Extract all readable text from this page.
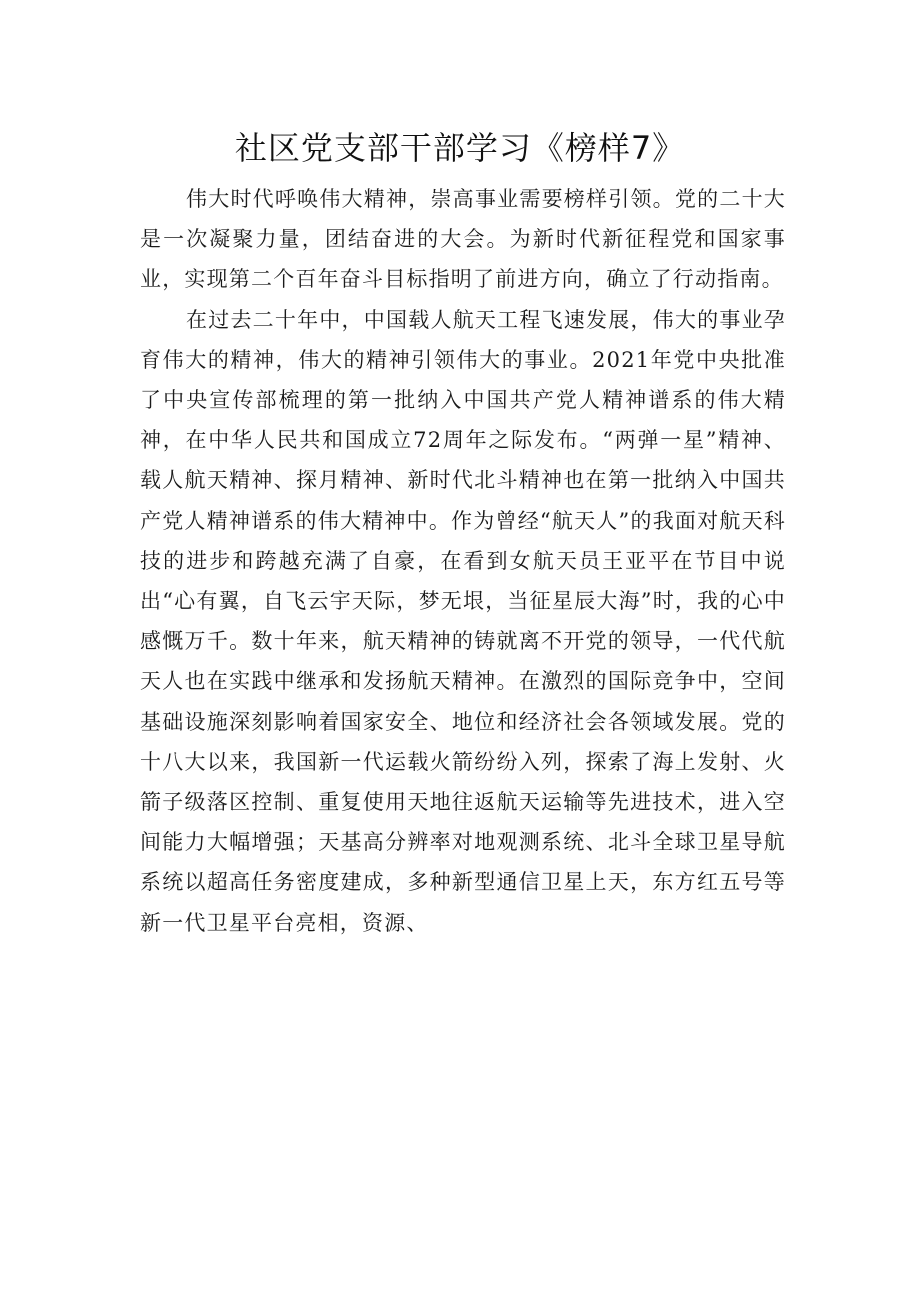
社区党支部干部学习《榜样7》

伟大时代呼唤伟大精神，崇高事业需要榜样引领。党的二十大是一次凝聚力量，团结奋进的大会。为新时代新征程党和国家事业，实现第二个百年奋斗目标指明了前进方向，确立了行动指南。

在过去二十年中，中国载人航天工程飞速发展，伟大的事业孕育伟大的精神，伟大的精神引领伟大的事业。2021年党中央批准了中央宣传部梳理的第一批纳入中国共产党人精神谱系的伟大精神，在中华人民共和国成立72周年之际发布。“两弹一星”精神、载人航天精神、探月精神、新时代北斗精神也在第一批纳入中国共产党人精神谱系的伟大精神中。作为曾经“航天人”的我面对航天科技的进步和跨越充满了自豪，在看到女航天员王亚平在节目中说出“心有翼，自飞云宇天际，梦无垠，当征星辰大海”时，我的心中感慨万千。数十年来，航天精神的铸就离不开党的领导，一代代航天人也在实践中继承和发扬航天精神。在激烈的国际竞争中，空间基础设施深刻影响着国家安全、地位和经济社会各领域发展。党的十八大以来，我国新一代运载火箭纷纷入列，探索了海上发射、火箭子级落区控制、重复使用天地往返航天运输等先进技术，进入空间能力大幅增强；天基高分辨率对地观测系统、北斗全球卫星导航系统以超高任务密度建成，多种新型通信卫星上天，东方红五号等新一代卫星平台亮相，资源、
